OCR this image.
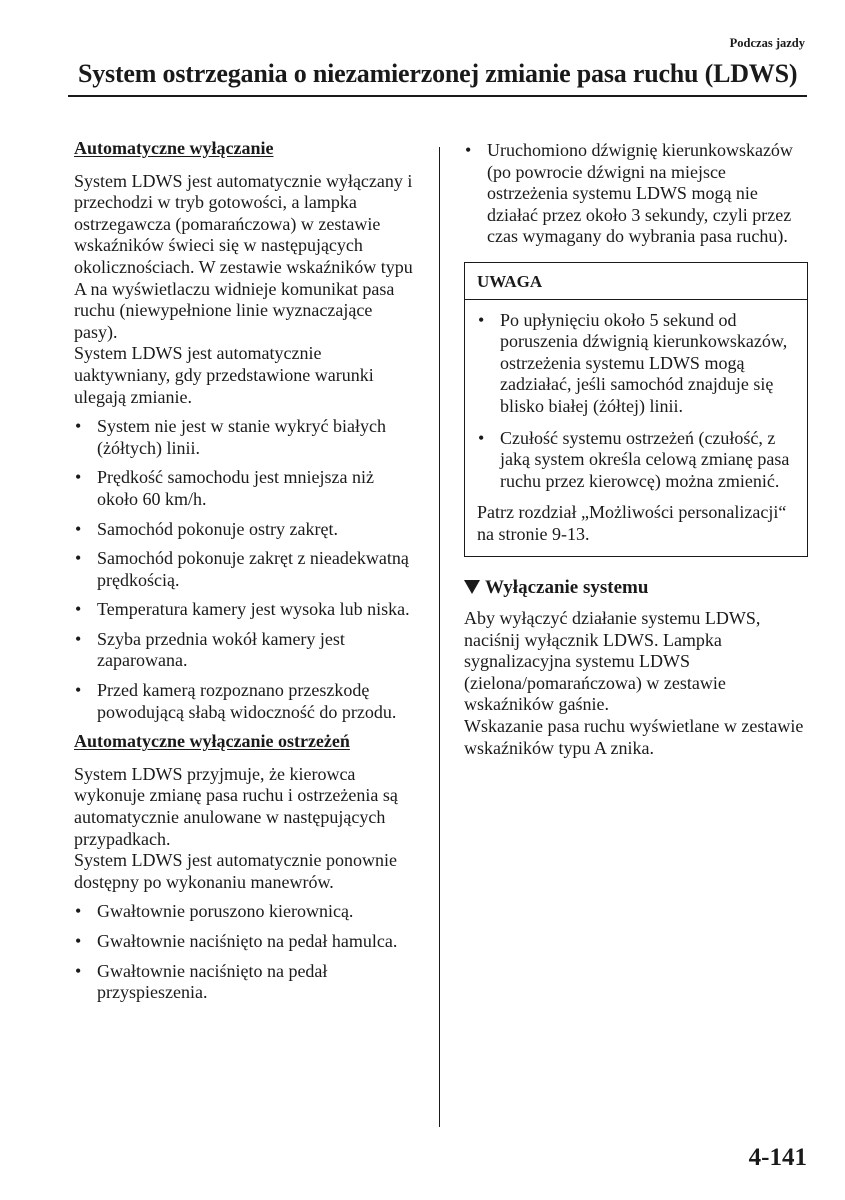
Podczas jazdy
System ostrzegania o niezamierzonej zmianie pasa ruchu (LDWS)
Automatyczne wyłączanie

System LDWS jest automatycznie wyłączany i przechodzi w tryb gotowości, a lampka ostrzegawcza (pomarańczowa) w zestawie wskaźników świeci się w następujących okolicznościach. W zestawie wskaźników typu A na wyświetlaczu widnieje komunikat pasa ruchu (niewypełnione linie wyznaczające pasy).

System LDWS jest automatycznie uaktywniany, gdy przedstawione warunki ulegają zmianie.

• System nie jest w stanie wykryć białych (żółtych) linii.
• Prędkość samochodu jest mniejsza niż około 60 km/h.
• Samochód pokonuje ostry zakręt.
• Samochód pokonuje zakręt z nieadekwatną prędkością.
• Temperatura kamery jest wysoka lub niska.
• Szyba przednia wokół kamery jest zaparowana.
• Przed kamerą rozpoznano przeszkodę powodującą słabą widoczność do przodu.
Automatyczne wyłączanie ostrzeżeń

System LDWS przyjmuje, że kierowca wykonuje zmianę pasa ruchu i ostrzeżenia są automatycznie anulowane w następujących przypadkach.

System LDWS jest automatycznie ponownie dostępny po wykonaniu manewrów.

• Gwałtownie poruszono kierownicą.
• Gwałtownie naciśnięto na pedał hamulca.
• Gwałtownie naciśnięto na pedał przyspieszenia.
• Uruchomiono dźwignię kierunkowskazów (po powrocie dźwigni na miejsce ostrzeżenia systemu LDWS mogą nie działać przez około 3 sekundy, czyli przez czas wymagany do wybrania pasa ruchu).
UWAGA
• Po upłynięciu około 5 sekund od poruszenia dźwignią kierunkowskazów, ostrzeżenia systemu LDWS mogą zadziałać, jeśli samochód znajduje się blisko białej (żółtej) linii.
• Czułość systemu ostrzeżeń (czułość, z jaką system określa celową zmianę pasa ruchu przez kierowcę) można zmienić.

Patrz rozdział „Możliwości personalizacji“ na stronie 9-13.

Wyłączanie systemu

Aby wyłączyć działanie systemu LDWS, naciśnij wyłącznik LDWS. Lampka sygnalizacyjna systemu LDWS (zielona/pomarańczowa) w zestawie wskaźników gaśnie.

Wskazanie pasa ruchu wyświetlane w zestawie wskaźników typu A znika.

4-141
